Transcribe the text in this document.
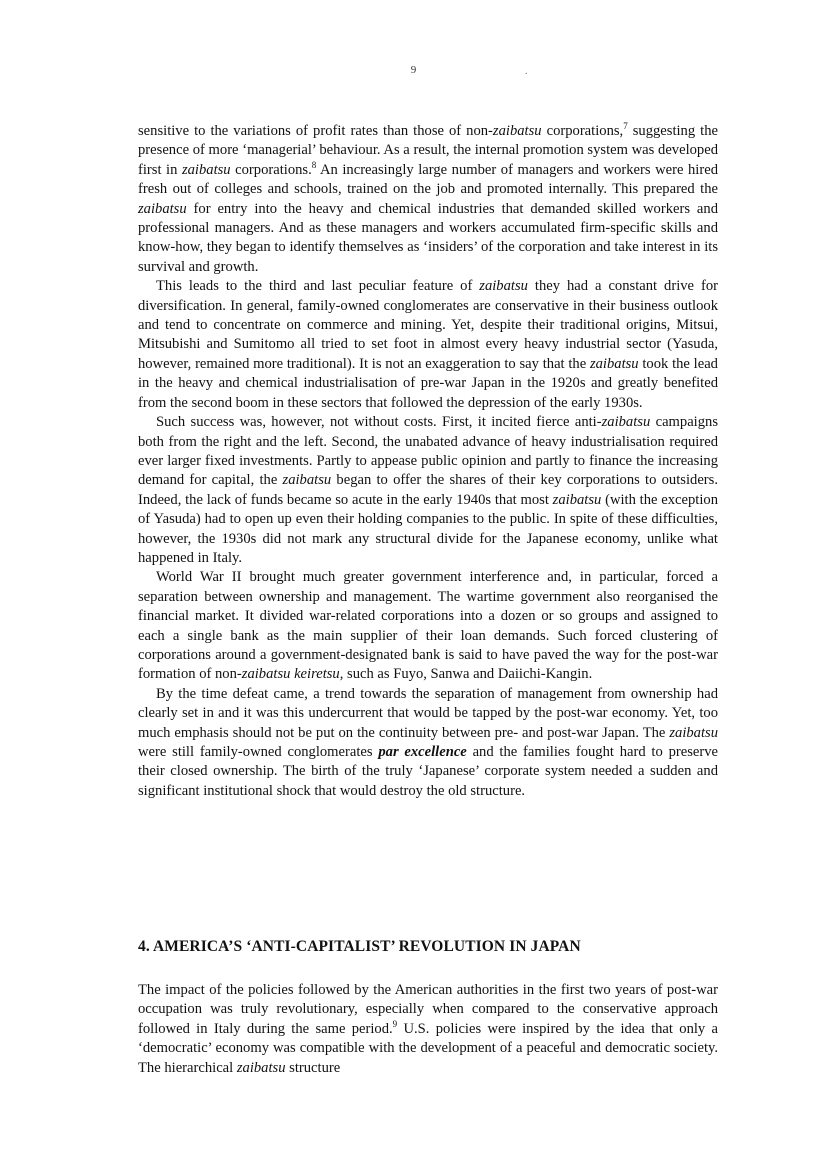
9	.

sensitive to the variations of profit rates than those of non-zaibatsu corporations,$^7$ suggesting the presence of more ‘managerial’ behaviour. As a result, the internal promotion system was developed first in zaibatsu corporations.$^8$ An increasingly large number of managers and workers were hired fresh out of colleges and schools, trained on the job and promoted internally. This prepared the zaibatsu for entry into the heavy and chemical industries that demanded skilled workers and professional managers. And as these managers and workers accumulated firm-specific skills and know-how, they began to identify themselves as ‘insiders’ of the corporation and take interest in its survival and growth.

This leads to the third and last peculiar feature of zaibatsu they had a constant drive for diversification. In general, family-owned conglomerates are conservative in their business outlook and tend to concentrate on commerce and mining. Yet, despite their traditional origins, Mitsui, Mitsubishi and Sumitomo all tried to set foot in almost every heavy industrial sector (Yasuda, however, remained more traditional). It is not an exaggeration to say that the zaibatsu took the lead in the heavy and chemical industrialisation of pre-war Japan in the 1920s and greatly benefited from the second boom in these sectors that followed the depression of the early 1930s.

Such success was, however, not without costs. First, it incited fierce anti-zaibatsu campaigns both from the right and the left. Second, the unabated advance of heavy industrialisation required ever larger fixed investments. Partly to appease public opinion and partly to finance the increasing demand for capital, the zaibatsu began to offer the shares of their key corporations to outsiders. Indeed, the lack of funds became so acute in the early 1940s that most zaibatsu (with the exception of Yasuda) had to open up even their holding companies to the public. In spite of these difficulties, however, the 1930s did not mark any structural divide for the Japanese economy, unlike what happened in Italy.

World War II brought much greater government interference and, in particular, forced a separation between ownership and management. The wartime government also reorganised the financial market. It divided war-related corporations into a dozen or so groups and assigned to each a single bank as the main supplier of their loan demands. Such forced clustering of corporations around a government-designated bank is said to have paved the way for the post-war formation of non-zaibatsu keiretsu, such as Fuyo, Sanwa and Daiichi-Kangin.

By the time defeat came, a trend towards the separation of management from ownership had clearly set in and it was this undercurrent that would be tapped by the post-war economy. Yet, too much emphasis should not be put on the continuity between pre- and post-war Japan. The zaibatsu were still family-owned conglomerates par excellence and the families fought hard to preserve their closed ownership. The birth of the truly ‘Japanese’ corporate system needed a sudden and significant institutional shock that would destroy the old structure.

4. AMERICA’S ‘ANTI-CAPITALIST’ REVOLUTION IN JAPAN

The impact of the policies followed by the American authorities in the first two years of post-war occupation was truly revolutionary, especially when compared to the conservative approach followed in Italy during the same period.$^9$ U.S. policies were inspired by the idea that only a ‘democratic’ economy was compatible with the development of a peaceful and democratic society. The hierarchical zaibatsu structure
